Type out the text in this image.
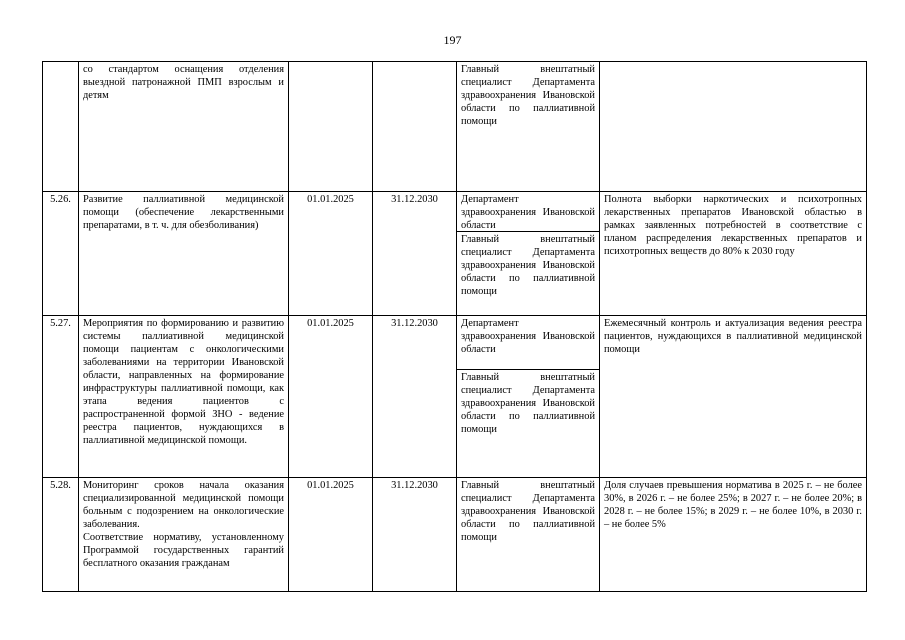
197
	со стандартом оснащения отделения выездной патронажной ПМП взрослым и детям			Главный внештатный специалист Департамента здравоохранения Ивановской области по паллиативной помощи	

5.26.	Развитие паллиативной медицинской помощи (обеспечение лекарственными препаратами, в т. ч. для обезболивания)	01.01.2025	31.12.2030	Департамент здравоохранения Ивановской области
Главный внештатный специалист Департамента здравоохранения Ивановской области по паллиативной помощи	Полнота выборки наркотических и психотропных лекарственных препаратов Ивановской областью в рамках заявленных потребностей в соответствие с планом распределения лекарственных препаратов и психотропных веществ до 80% к 2030 году
5.27.	Мероприятия по формированию и развитию системы паллиативной медицинской помощи пациентам с онкологическими заболеваниями на территории Ивановской области, направленных на формирование инфраструктуры паллиативной помощи, как этапа ведения пациентов с распространенной формой ЗНО - ведение реестра пациентов, нуждающихся в паллиативной медицинской помощи.	01.01.2025	31.12.2030	Департамент здравоохранения Ивановской области
Главный внештатный специалист Департамента здравоохранения Ивановской области по паллиативной помощи	Ежемесячный контроль и актуализация ведения реестра пациентов, нуждающихся в паллиативной медицинской помощи
5.28.	Мониторинг сроков начала оказания специализированной медицинской помощи больным с подозрением на онкологические заболевания.
Соответствие нормативу, установленному Программой государственных гарантий бесплатного оказания гражданам	01.01.2025	31.12.2030	Главный внештатный специалист Департамента здравоохранения Ивановской области по паллиативной помощи	Доля случаев превышения норматива в 2025 г. – не более 30%, в 2026 г. – не более 25%; в 2027 г. – не более 20%; в 2028 г. – не более 15%; в 2029 г. – не более 10%, в 2030 г. – не более 5%
